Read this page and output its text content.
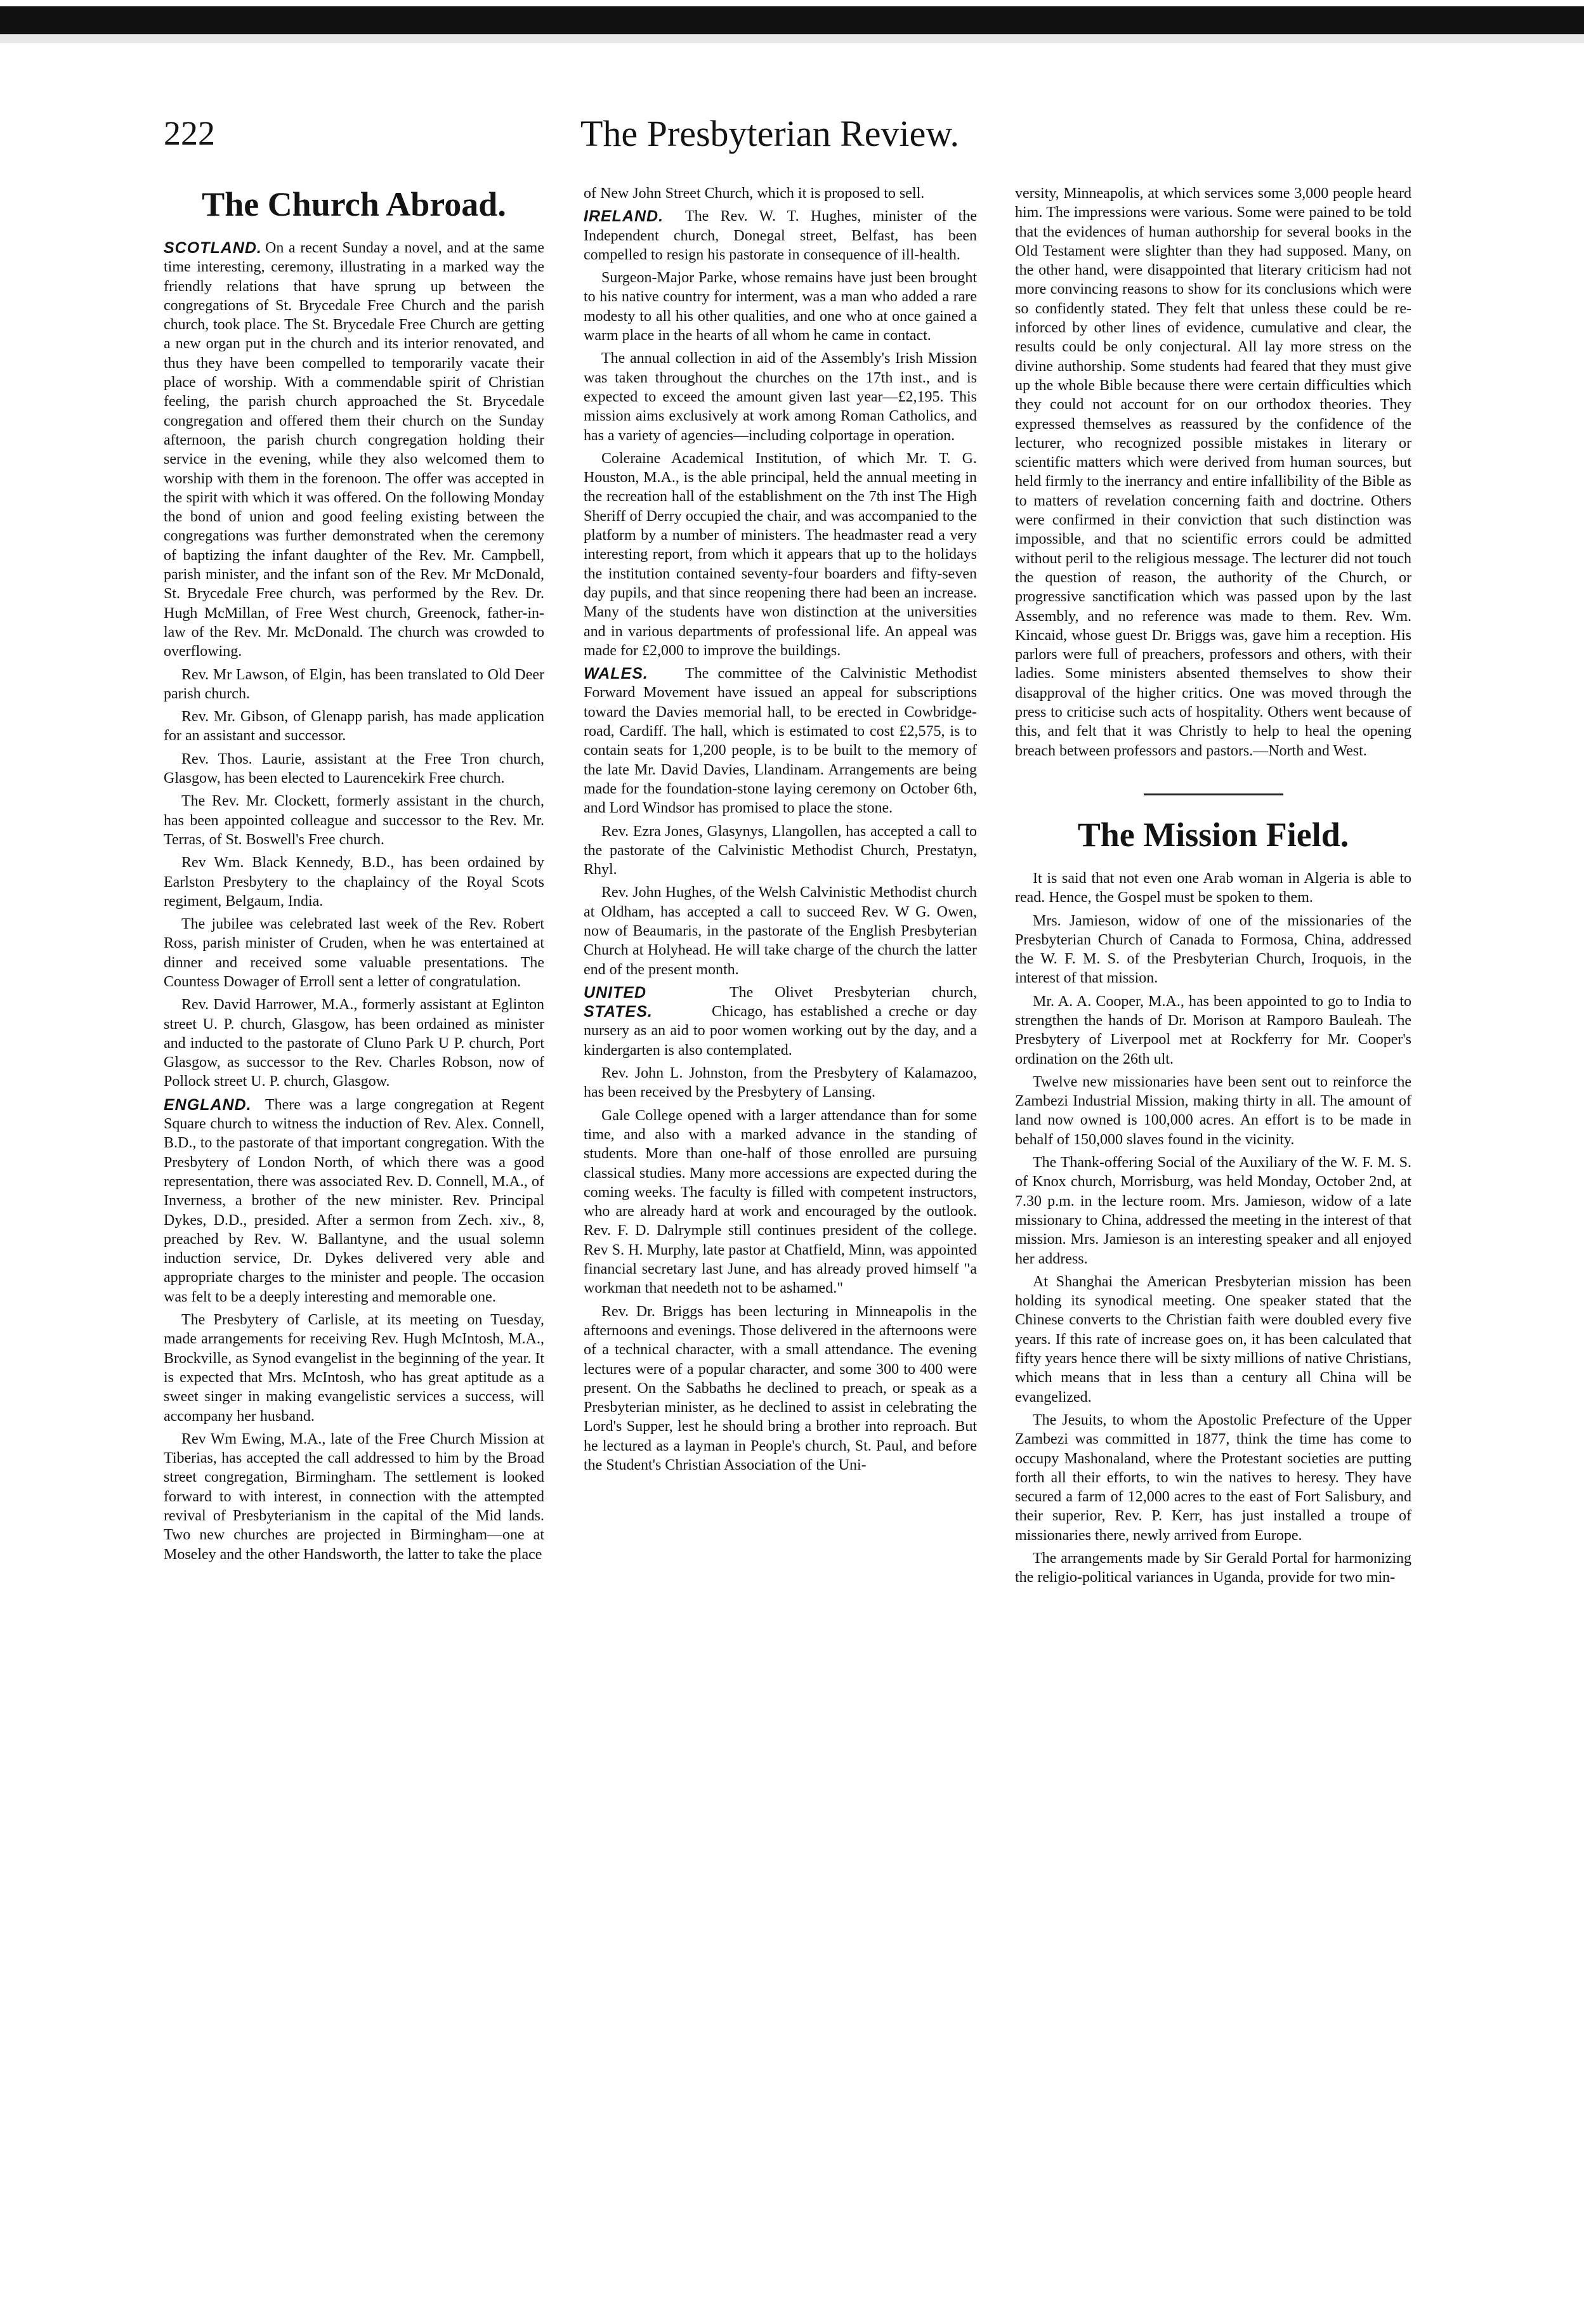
222	The Presbyterian Review.
The Church Abroad.

SCOTLAND. On a recent Sunday a novel, and at the same time interesting, ceremony, illustrating in a marked way the friendly relations that have sprung up between the congregations of St. Brycedale Free Church and the parish church, took place. The St. Brycedale Free Church are getting a new organ put in the church and its interior renovated, and thus they have been compelled to temporarily vacate their place of worship. With a commendable spirit of Christian feeling, the parish church approached the St. Brycedale congregation and offered them their church on the Sunday afternoon, the parish church congregation holding their service in the evening, while they also welcomed them to worship with them in the forenoon. The offer was accepted in the spirit with which it was offered. On the following Monday the bond of union and good feeling existing between the congregations was further demonstrated when the ceremony of baptizing the infant daughter of the Rev. Mr. Campbell, parish minister, and the infant son of the Rev. Mr McDonald, St. Brycedale Free church, was performed by the Rev. Dr. Hugh McMillan, of Free West church, Greenock, father-in-law of the Rev. Mr. McDonald. The church was crowded to overflowing.

Rev. Mr Lawson, of Elgin, has been translated to Old Deer parish church.

Rev. Mr. Gibson, of Glenapp parish, has made application for an assistant and successor.

Rev. Thos. Laurie, assistant at the Free Tron church, Glasgow, has been elected to Laurencekirk Free church.

The Rev. Mr. Clockett, formerly assistant in the church, has been appointed colleague and successor to the Rev. Mr. Terras, of St. Boswell's Free church.

Rev Wm. Black Kennedy, B.D., has been ordained by Earlston Presbytery to the chaplaincy of the Royal Scots regiment, Belgaum, India.

The jubilee was celebrated last week of the Rev. Robert Ross, parish minister of Cruden, when he was entertained at dinner and received some valuable presentations. The Countess Dowager of Erroll sent a letter of congratulation.

Rev. David Harrower, M.A., formerly assistant at Eglinton street U. P. church, Glasgow, has been ordained as minister and inducted to the pastorate of Cluno Park U P. church, Port Glasgow, as successor to the Rev. Charles Robson, now of Pollock street U. P. church, Glasgow.

ENGLAND. There was a large congregation at Regent Square church to witness the induction of Rev. Alex. Connell, B.D., to the pastorate of that important congregation. With the Presbytery of London North, of which there was a good representation, there was associated Rev. D. Connell, M.A., of Inverness, a brother of the new minister. Rev. Principal Dykes, D.D., presided. After a sermon from Zech. xiv., 8, preached by Rev. W. Ballantyne, and the usual solemn induction service, Dr. Dykes delivered very able and appropriate charges to the minister and people. The occasion was felt to be a deeply interesting and memorable one.

The Presbytery of Carlisle, at its meeting on Tuesday, made arrangements for receiving Rev. Hugh McIntosh, M.A., Brockville, as Synod evangelist in the beginning of the year. It is expected that Mrs. McIntosh, who has great aptitude as a sweet singer in making evangelistic services a success, will accompany her husband.

Rev Wm Ewing, M.A., late of the Free Church Mission at Tiberias, has accepted the call addressed to him by the Broad street congregation, Birmingham. The settlement is looked forward to with interest, in connection with the attempted revival of Presbyterianism in the capital of the Mid lands. Two new churches are projected in Birmingham—one at Moseley and the other Handsworth, the latter to take the place

of New John Street Church, which it is proposed to sell.

IRELAND. The Rev. W. T. Hughes, minister of the Independent church, Donegal street, Belfast, has been compelled to resign his pastorate in consequence of ill-health.

Surgeon-Major Parke, whose remains have just been brought to his native country for interment, was a man who added a rare modesty to all his other qualities, and one who at once gained a warm place in the hearts of all whom he came in contact.

The annual collection in aid of the Assembly's Irish Mission was taken throughout the churches on the 17th inst., and is expected to exceed the amount given last year—£2,195. This mission aims exclusively at work among Roman Catholics, and has a variety of agencies—including colportage in operation.

Coleraine Academical Institution, of which Mr. T. G. Houston, M.A., is the able principal, held the annual meeting in the recreation hall of the establishment on the 7th inst The High Sheriff of Derry occupied the chair, and was accompanied to the platform by a number of ministers. The headmaster read a very interesting report, from which it appears that up to the holidays the institution contained seventy-four boarders and fifty-seven day pupils, and that since reopening there had been an increase. Many of the students have won distinction at the universities and in various departments of professional life. An appeal was made for £2,000 to improve the buildings.

WALES.	The committee of the Calvinistic Methodist Forward Movement have issued an appeal for subscriptions toward the Davies memorial hall, to be erected in Cowbridge-road, Cardiff. The hall, which is estimated to cost £2,575, is to contain seats for 1,200 people, is to be built to the memory of the late Mr. David Davies, Llandinam. Arrangements are being made for the foundation-stone laying ceremony on October 6th, and Lord Windsor has promised to place the stone.

Rev. Ezra Jones, Glasynys, Llangollen, has accepted a call to the pastorate of the Calvinistic Methodist Church, Prestatyn, Rhyl.

Rev. John Hughes, of the Welsh Calvinistic Methodist church at Oldham, has accepted a call to succeed Rev. W G. Owen, now of Beaumaris, in the pastorate of the English Presbyterian Church at Holyhead. He will take charge of the church the latter end of the present month.

UNITED STATES.
The Olivet Presbyterian church, Chicago, has established a creche or day nursery as an aid to poor women working out by the day, and a kindergarten is also contemplated.

Rev. John L. Johnston, from the Presbytery of Kalamazoo, has been received by the Presbytery of Lansing.

Gale College opened with a larger attendance than for some time, and also with a marked advance in the standing of students. More than one-half of those enrolled are pursuing classical studies. Many more accessions are expected during the coming weeks. The faculty is filled with competent instructors, who are already hard at work and encouraged by the outlook. Rev. F. D. Dalrymple still continues president of the college. Rev S. H. Murphy, late pastor at Chatfield, Minn, was appointed financial secretary last June, and has already proved himself "a workman that needeth not to be ashamed."

Rev. Dr. Briggs has been lecturing in Minneapolis in the afternoons and evenings. Those delivered in the afternoons were of a technical character, with a small attendance. The evening lectures were of a popular character, and some 300 to 400 were present. On the Sabbaths he declined to preach, or speak as a Presbyterian minister, as he declined to assist in celebrating the Lord's Supper, lest he should bring a brother into reproach. But he lectured as a layman in People's church, St. Paul, and before the Student's Christian Association of the Uni-

versity, Minneapolis, at which services some 3,000 people heard him. The impressions were various. Some were pained to be told that the evidences of human authorship for several books in the Old Testament were slighter than they had supposed. Many, on the other hand, were disappointed that literary criticism had not more convincing reasons to show for its conclusions which were so confidently stated. They felt that unless these could be re-inforced by other lines of evidence, cumulative and clear, the results could be only conjectural. All lay more stress on the divine authorship. Some students had feared that they must give up the whole Bible because there were certain difficulties which they could not account for on our orthodox theories. They expressed themselves as reassured by the confidence of the lecturer, who recognized possible mistakes in literary or scientific matters which were derived from human sources, but held firmly to the inerrancy and entire infallibility of the Bible as to matters of revelation concerning faith and doctrine. Others were confirmed in their conviction that such distinction was impossible, and that no scientific errors could be admitted without peril to the religious message. The lecturer did not touch the question of reason, the authority of the Church, or progressive sanctification which was passed upon by the last Assembly, and no reference was made to them. Rev. Wm. Kincaid, whose guest Dr. Briggs was, gave him a reception. His parlors were full of preachers, professors and others, with their ladies. Some ministers absented themselves to show their disapproval of the higher critics. One was moved through the press to criticise such acts of hospitality. Others went because of this, and felt that it was Christly to help to heal the opening breach between professors and pastors.—North and West.

The Mission Field.

It is said that not even one Arab woman in Algeria is able to read. Hence, the Gospel must be spoken to them.

Mrs. Jamieson, widow of one of the missionaries of the Presbyterian Church of Canada to Formosa, China, addressed the W. F. M. S. of the Presbyterian Church, Iroquois, in the interest of that mission.

Mr. A. A. Cooper, M.A., has been appointed to go to India to strengthen the hands of Dr. Morison at Ramporo Bauleah. The Presbytery of Liverpool met at Rockferry for Mr. Cooper's ordination on the 26th ult.

Twelve new missionaries have been sent out to reinforce the Zambezi Industrial Mission, making thirty in all. The amount of land now owned is 100,000 acres. An effort is to be made in behalf of 150,000 slaves found in the vicinity.

The Thank-offering Social of the Auxiliary of the W. F. M. S. of Knox church, Morrisburg, was held Monday, October 2nd, at 7.30 p.m. in the lecture room. Mrs. Jamieson, widow of a late missionary to China, addressed the meeting in the interest of that mission. Mrs. Jamieson is an interesting speaker and all enjoyed her address.

At Shanghai the American Presbyterian mission has been holding its synodical meeting. One speaker stated that the Chinese converts to the Christian faith were doubled every five years. If this rate of increase goes on, it has been calculated that fifty years hence there will be sixty millions of native Christians, which means that in less than a century all China will be evangelized.

The Jesuits, to whom the Apostolic Prefecture of the Upper Zambezi was committed in 1877, think the time has come to occupy Mashonaland, where the Protestant societies are putting forth all their efforts, to win the natives to heresy. They have secured a farm of 12,000 acres to the east of Fort Salisbury, and their superior, Rev. P. Kerr, has just installed a troupe of missionaries there, newly arrived from Europe.

The arrangements made by Sir Gerald Portal for harmonizing the religio-political variances in Uganda, provide for two min-
